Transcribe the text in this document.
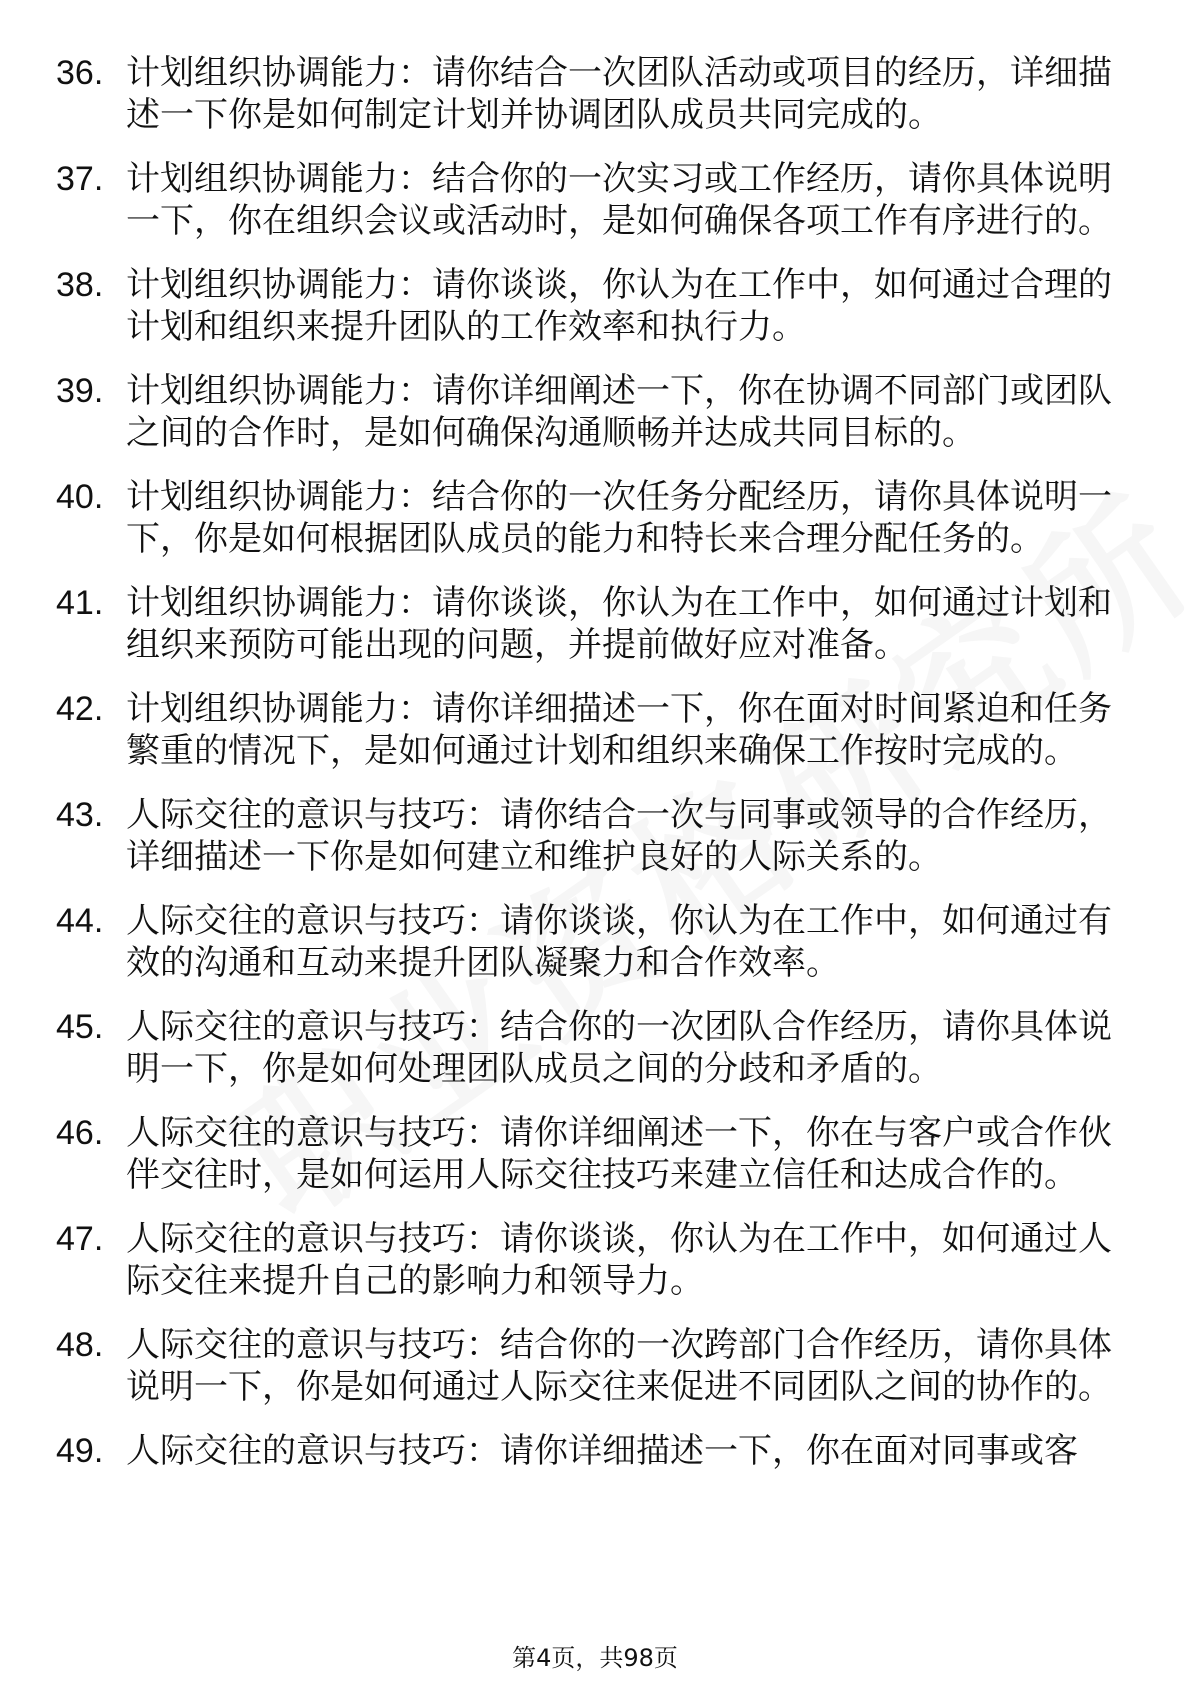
36. 计划组织协调能力：请你结合一次团队活动或项目的经历，详细描述一下你是如何制定计划并协调团队成员共同完成的。
37. 计划组织协调能力：结合你的一次实习或工作经历，请你具体说明一下，你在组织会议或活动时，是如何确保各项工作有序进行的。
38. 计划组织协调能力：请你谈谈，你认为在工作中，如何通过合理的计划和组织来提升团队的工作效率和执行力。
39. 计划组织协调能力：请你详细阐述一下，你在协调不同部门或团队之间的合作时，是如何确保沟通顺畅并达成共同目标的。
40. 计划组织协调能力：结合你的一次任务分配经历，请你具体说明一下，你是如何根据团队成员的能力和特长来合理分配任务的。
41. 计划组织协调能力：请你谈谈，你认为在工作中，如何通过计划和组织来预防可能出现的问题，并提前做好应对准备。
42. 计划组织协调能力：请你详细描述一下，你在面对时间紧迫和任务繁重的情况下，是如何通过计划和组织来确保工作按时完成的。
43. 人际交往的意识与技巧：请你结合一次与同事或领导的合作经历，详细描述一下你是如何建立和维护良好的人际关系的。
44. 人际交往的意识与技巧：请你谈谈，你认为在工作中，如何通过有效的沟通和互动来提升团队凝聚力和合作效率。
45. 人际交往的意识与技巧：结合你的一次团队合作经历，请你具体说明一下，你是如何处理团队成员之间的分歧和矛盾的。
46. 人际交往的意识与技巧：请你详细阐述一下，你在与客户或合作伙伴交往时，是如何运用人际交往技巧来建立信任和达成合作的。
47. 人际交往的意识与技巧：请你谈谈，你认为在工作中，如何通过人际交往来提升自己的影响力和领导力。
48. 人际交往的意识与技巧：结合你的一次跨部门合作经历，请你具体说明一下，你是如何通过人际交往来促进不同团队之间的协作的。
49. 人际交往的意识与技巧：请你详细描述一下，你在面对同事或客
第4页，共98页
